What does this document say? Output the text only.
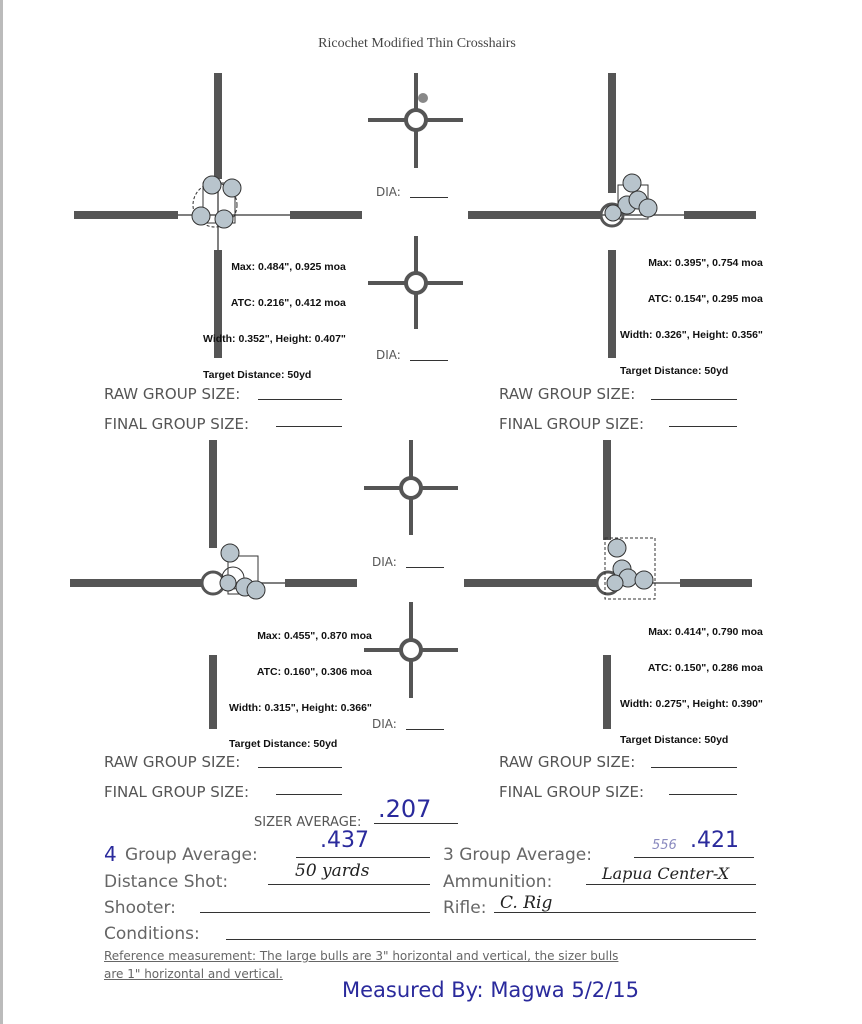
Ricochet Modified Thin Crosshairs

Max: 0.484", 0.925 moa

ATC: 0.216", 0.412 moa

Width: 0.352", Height: 0.407"

Target Distance: 50yd

Max: 0.395", 0.754 moa

ATC: 0.154", 0.295 moa

Width: 0.326", Height: 0.356"

Target Distance: 50yd

Max: 0.455", 0.870 moa

ATC: 0.160", 0.306 moa

Width: 0.315", Height: 0.366"

Target Distance: 50yd

Max: 0.414", 0.790 moa

ATC: 0.150", 0.286 moa

Width: 0.275", Height: 0.390"

Target Distance: 50yd

DIA:
DIA:
DIA:
DIA:
RAW GROUP SIZE:
FINAL GROUP SIZE:
RAW GROUP SIZE:
FINAL GROUP SIZE:
RAW GROUP SIZE:
FINAL GROUP SIZE:
RAW GROUP SIZE:
FINAL GROUP SIZE:
SIZER AVERAGE: .207
4 Group Average:
.437
3 Group Average:	556 .421
Distance Shot:
50 yards
Ammunition:	Lapua Center-X
Shooter:	Rifle: C. Rig
Conditions:
Reference measurement: The large bulls are 3" horizontal and vertical, the sizer bulls
are 1" horizontal and vertical.
Measured By: Magwa 5/2/15
